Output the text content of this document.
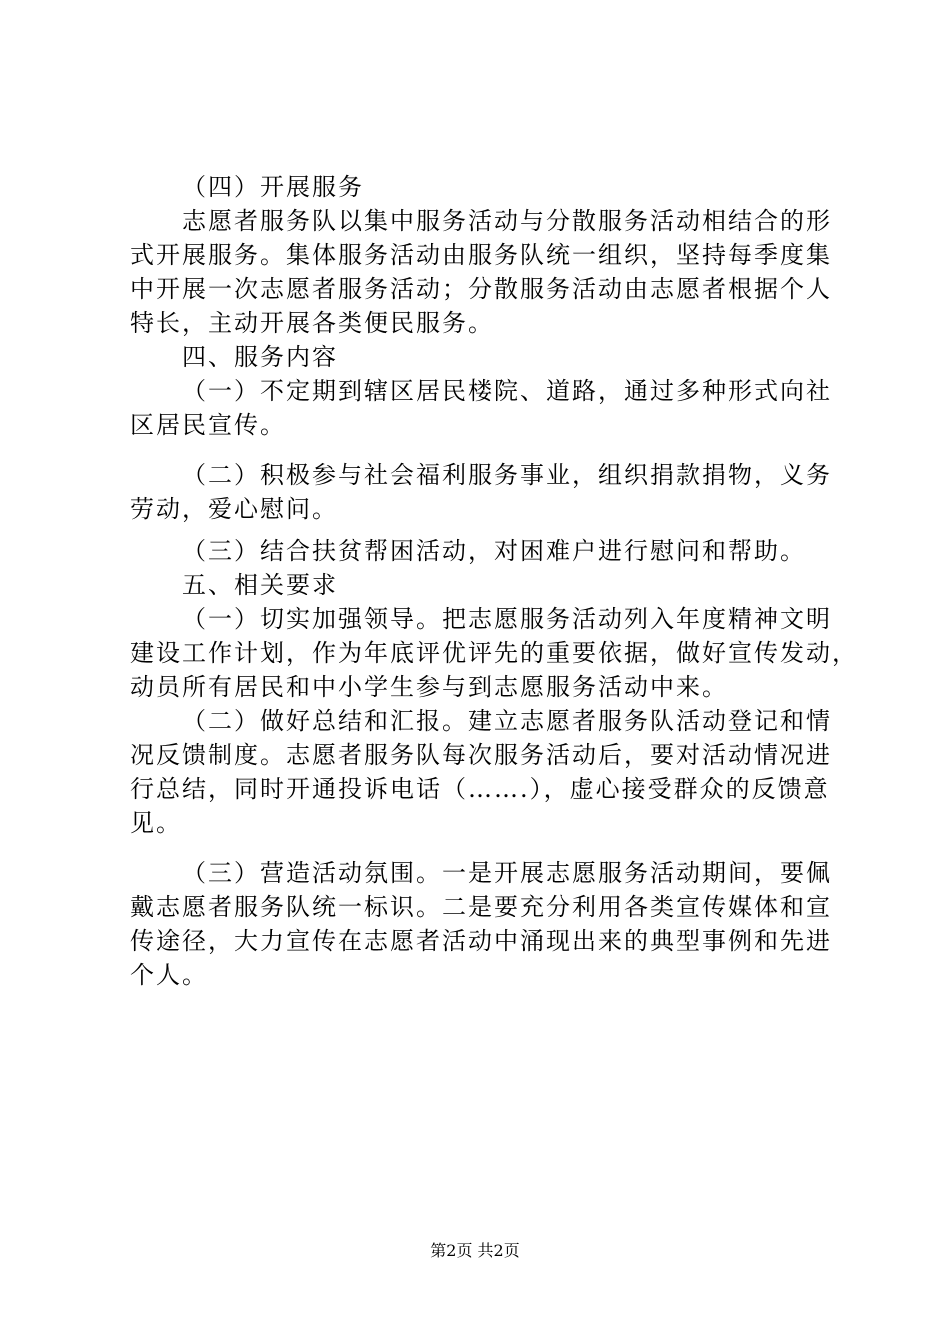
（四）开展服务
志愿者服务队以集中服务活动与分散服务活动相结合的形
式开展服务。集体服务活动由服务队统一组织，坚持每季度集
中开展一次志愿者服务活动；分散服务活动由志愿者根据个人
特长，主动开展各类便民服务。
四、服务内容
（一）不定期到辖区居民楼院、道路，通过多种形式向社
区居民宣传。
（二）积极参与社会福利服务事业，组织捐款捐物，义务
劳动，爱心慰问。
（三）结合扶贫帮困活动，对困难户进行慰问和帮助。
五、相关要求
（一）切实加强领导。把志愿服务活动列入年度精神文明
建设工作计划，作为年底评优评先的重要依据，做好宣传发动，
动员所有居民和中小学生参与到志愿服务活动中来。
（二）做好总结和汇报。建立志愿者服务队活动登记和情
况反馈制度。志愿者服务队每次服务活动后，要对活动情况进
行总结，同时开通投诉电话（…….），虚心接受群众的反馈意
见。
（三）营造活动氛围。一是开展志愿服务活动期间，要佩
戴志愿者服务队统一标识。二是要充分利用各类宣传媒体和宣
传途径，大力宣传在志愿者活动中涌现出来的典型事例和先进
个人。
第2页 共2页
